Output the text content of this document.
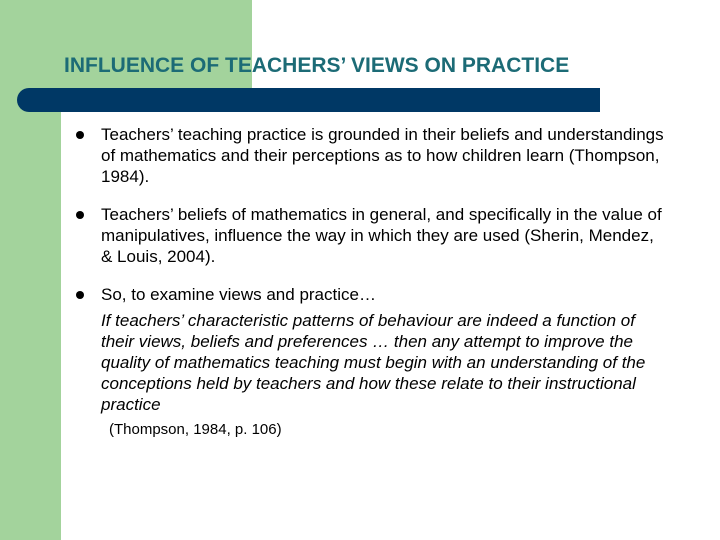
INFLUENCE OF TEACHERS’ VIEWS ON PRACTICE
Teachers’ teaching practice is grounded in their beliefs and understandings of mathematics and their perceptions as to how children learn (Thompson, 1984).
Teachers’ beliefs of mathematics in general, and specifically in the value of manipulatives, influence the way in which they are used (Sherin, Mendez, & Louis, 2004).
So, to examine views and practice…
If teachers’ characteristic patterns of behaviour are indeed a function of their views, beliefs and preferences … then any attempt to improve the quality of mathematics teaching must begin with an understanding of the conceptions held by teachers and how these relate to their instructional practice
(Thompson, 1984, p. 106)
